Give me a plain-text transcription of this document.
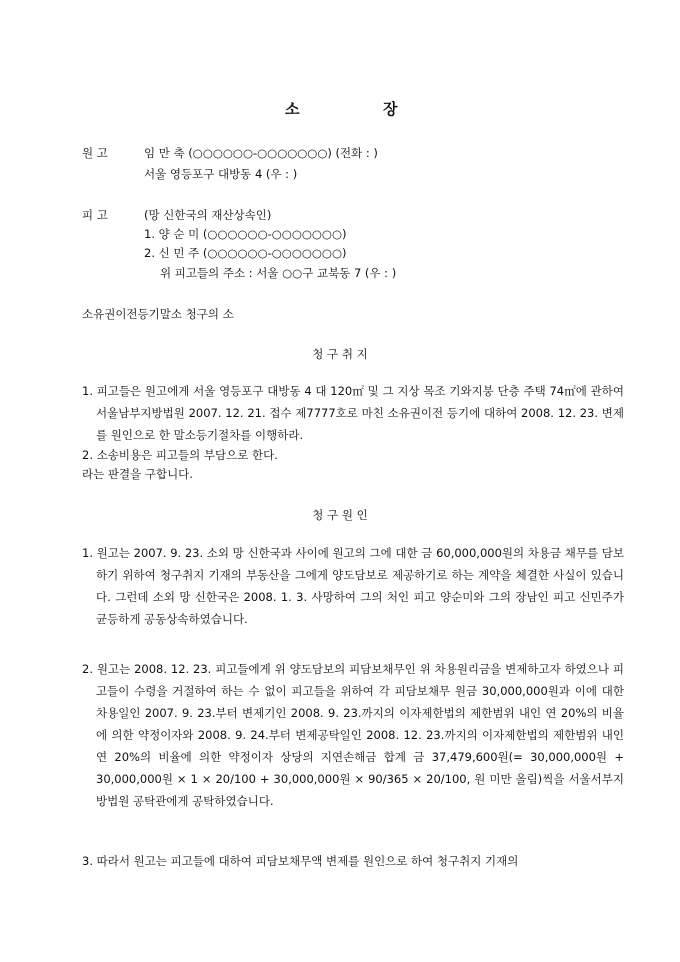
소	장
원 고	임 만 축 (○○○○○○-○○○○○○○) (전화 : )
서울 영등포구 대방동 4 (우 : )
피 고	(망 신한국의 재산상속인)
1. 양 순 미 (○○○○○○-○○○○○○○)
2. 신 민 주 (○○○○○○-○○○○○○○)
위 피고들의 주소 : 서울 ○○구 교북동 7 (우 : )
소유권이전등기말소 청구의 소
청 구 취 지
1. 피고들은 원고에게 서울 영등포구 대방동 4 대 120㎡ 및 그 지상 목조 기와지붕 단층 주택 74㎡에 관하여 서울남부지방법원 2007. 12. 21. 접수 제7777호로 마친 소유권이전 등기에 대하여 2008. 12. 23. 변제를 원인으로 한 말소등기절차를 이행하라.
2. 소송비용은 피고들의 부담으로 한다.
라는 판결을 구합니다.
청 구 원 인
1. 원고는 2007. 9. 23. 소외 망 신한국과 사이에 원고의 그에 대한 금 60,000,000원의 차용금 채무를 담보하기 위하여 청구취지 기재의 부동산을 그에게 양도담보로 제공하기로 하는 계약을 체결한 사실이 있습니다. 그런데 소외 망 신한국은 2008. 1. 3. 사망하여 그의 처인 피고 양순미와 그의 장남인 피고 신민주가 균등하게 공동상속하였습니다.
2. 원고는 2008. 12. 23. 피고들에게 위 양도담보의 피담보채무인 위 차용원리금을 변제하고자 하였으나 피고들이 수령을 거절하여 하는 수 없이 피고들을 위하여 각 피담보채무 원금 30,000,000원과 이에 대한 차용일인 2007. 9. 23.부터 변제기인 2008. 9. 23.까지의 이자제한법의 제한범위 내인 연 20%의 비율에 의한 약정이자와 2008. 9. 24.부터 변제공탁일인 2008. 12. 23.까지의 이자제한법의 제한범위 내인 연 20%의 비율에 의한 약정이자 상당의 지연손해금 합계 금 37,479,600원(= 30,000,000원 + 30,000,000원 × 1 × 20/100 + 30,000,000원 × 90/365 × 20/100, 원 미만 올림)씩을 서울서부지방법원 공탁관에게 공탁하였습니다.
3. 따라서 원고는 피고들에 대하여 피담보채무액 변제를 원인으로 하여 청구취지 기재의
